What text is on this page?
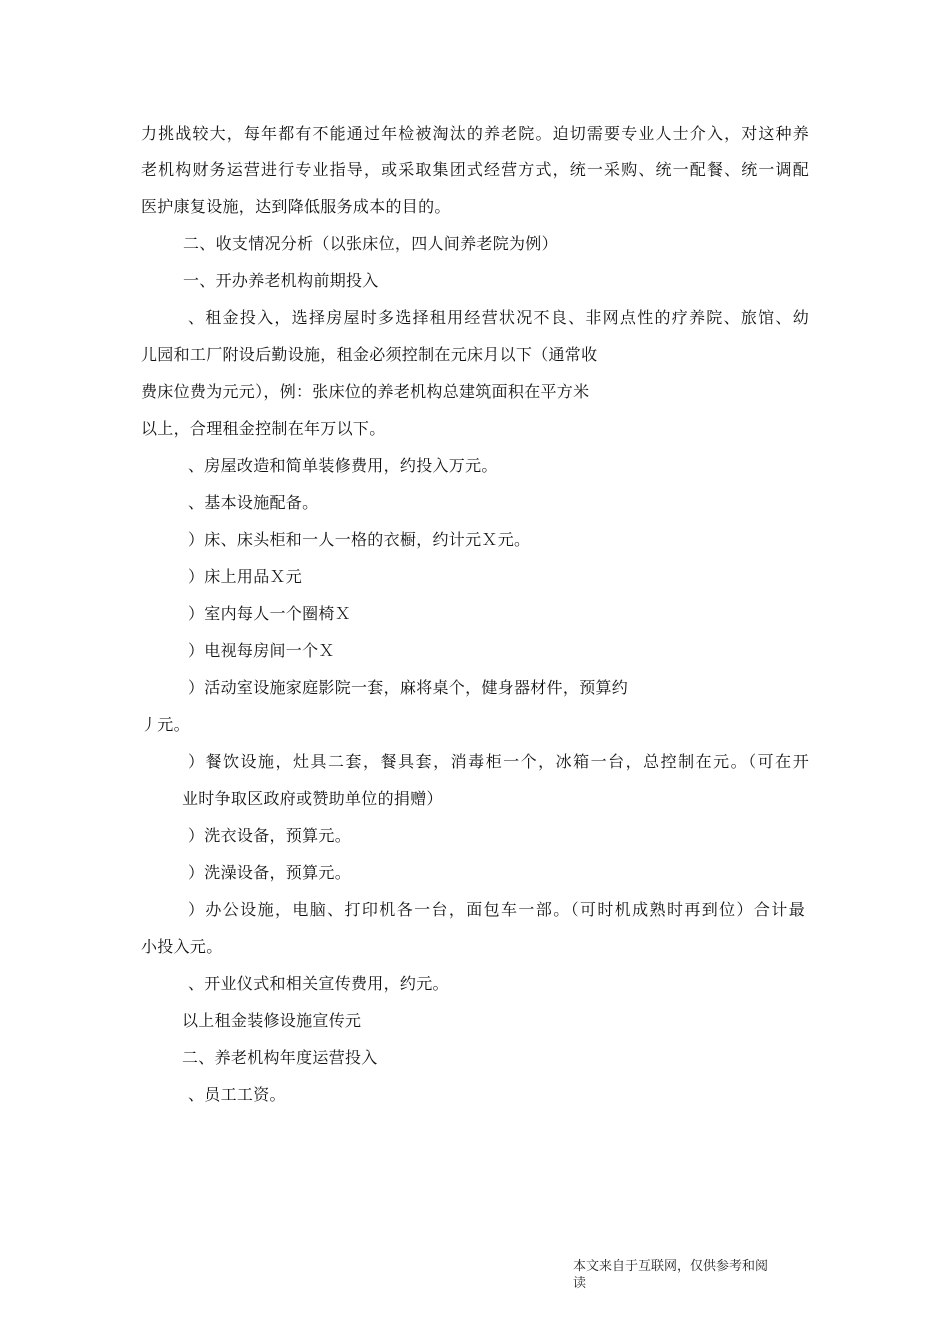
力挑战较大，每年都有不能通过年检被淘汰的养老院。迫切需要专业人士介入，对这种养
老机构财务运营进行专业指导，或采取集团式经营方式，统一采购、统一配餐、统一调配
医护康复设施，达到降低服务成本的目的。
二、收支情况分析（以张床位，四人间养老院为例）
一、开办养老机构前期投入
、租金投入，选择房屋时多选择租用经营状况不良、非网点性的疗养院、旅馆、幼
儿园和工厂附设后勤设施，租金必须控制在元床月以下（通常收
费床位费为元元），例：张床位的养老机构总建筑面积在平方米
以上，合理租金控制在年万以下。
、房屋改造和简单装修费用，约投入万元。
、基本设施配备。
）床、床头柜和一人一格的衣橱，约计元Ｘ元。
）床上用品Ｘ元
）室内每人一个圈椅Ｘ
）电视每房间一个Ｘ
）活动室设施家庭影院一套，麻将桌个，健身器材件，预算约
丿元。
）餐饮设施，灶具二套，餐具套，消毒柜一个，冰箱一台，总控制在元。（可在开
业时争取区政府或赞助单位的捐赠）
）洗衣设备，预算元。
）洗澡设备，预算元。
）办公设施，电脑、打印机各一台，面包车一部。（可时机成熟时再到位）合计最
小投入元。
、开业仪式和相关宣传费用，约元。
以上租金装修设施宣传元
二、养老机构年度运营投入
、员工工资。
本文来自于互联网，仅供参考和阅
读
